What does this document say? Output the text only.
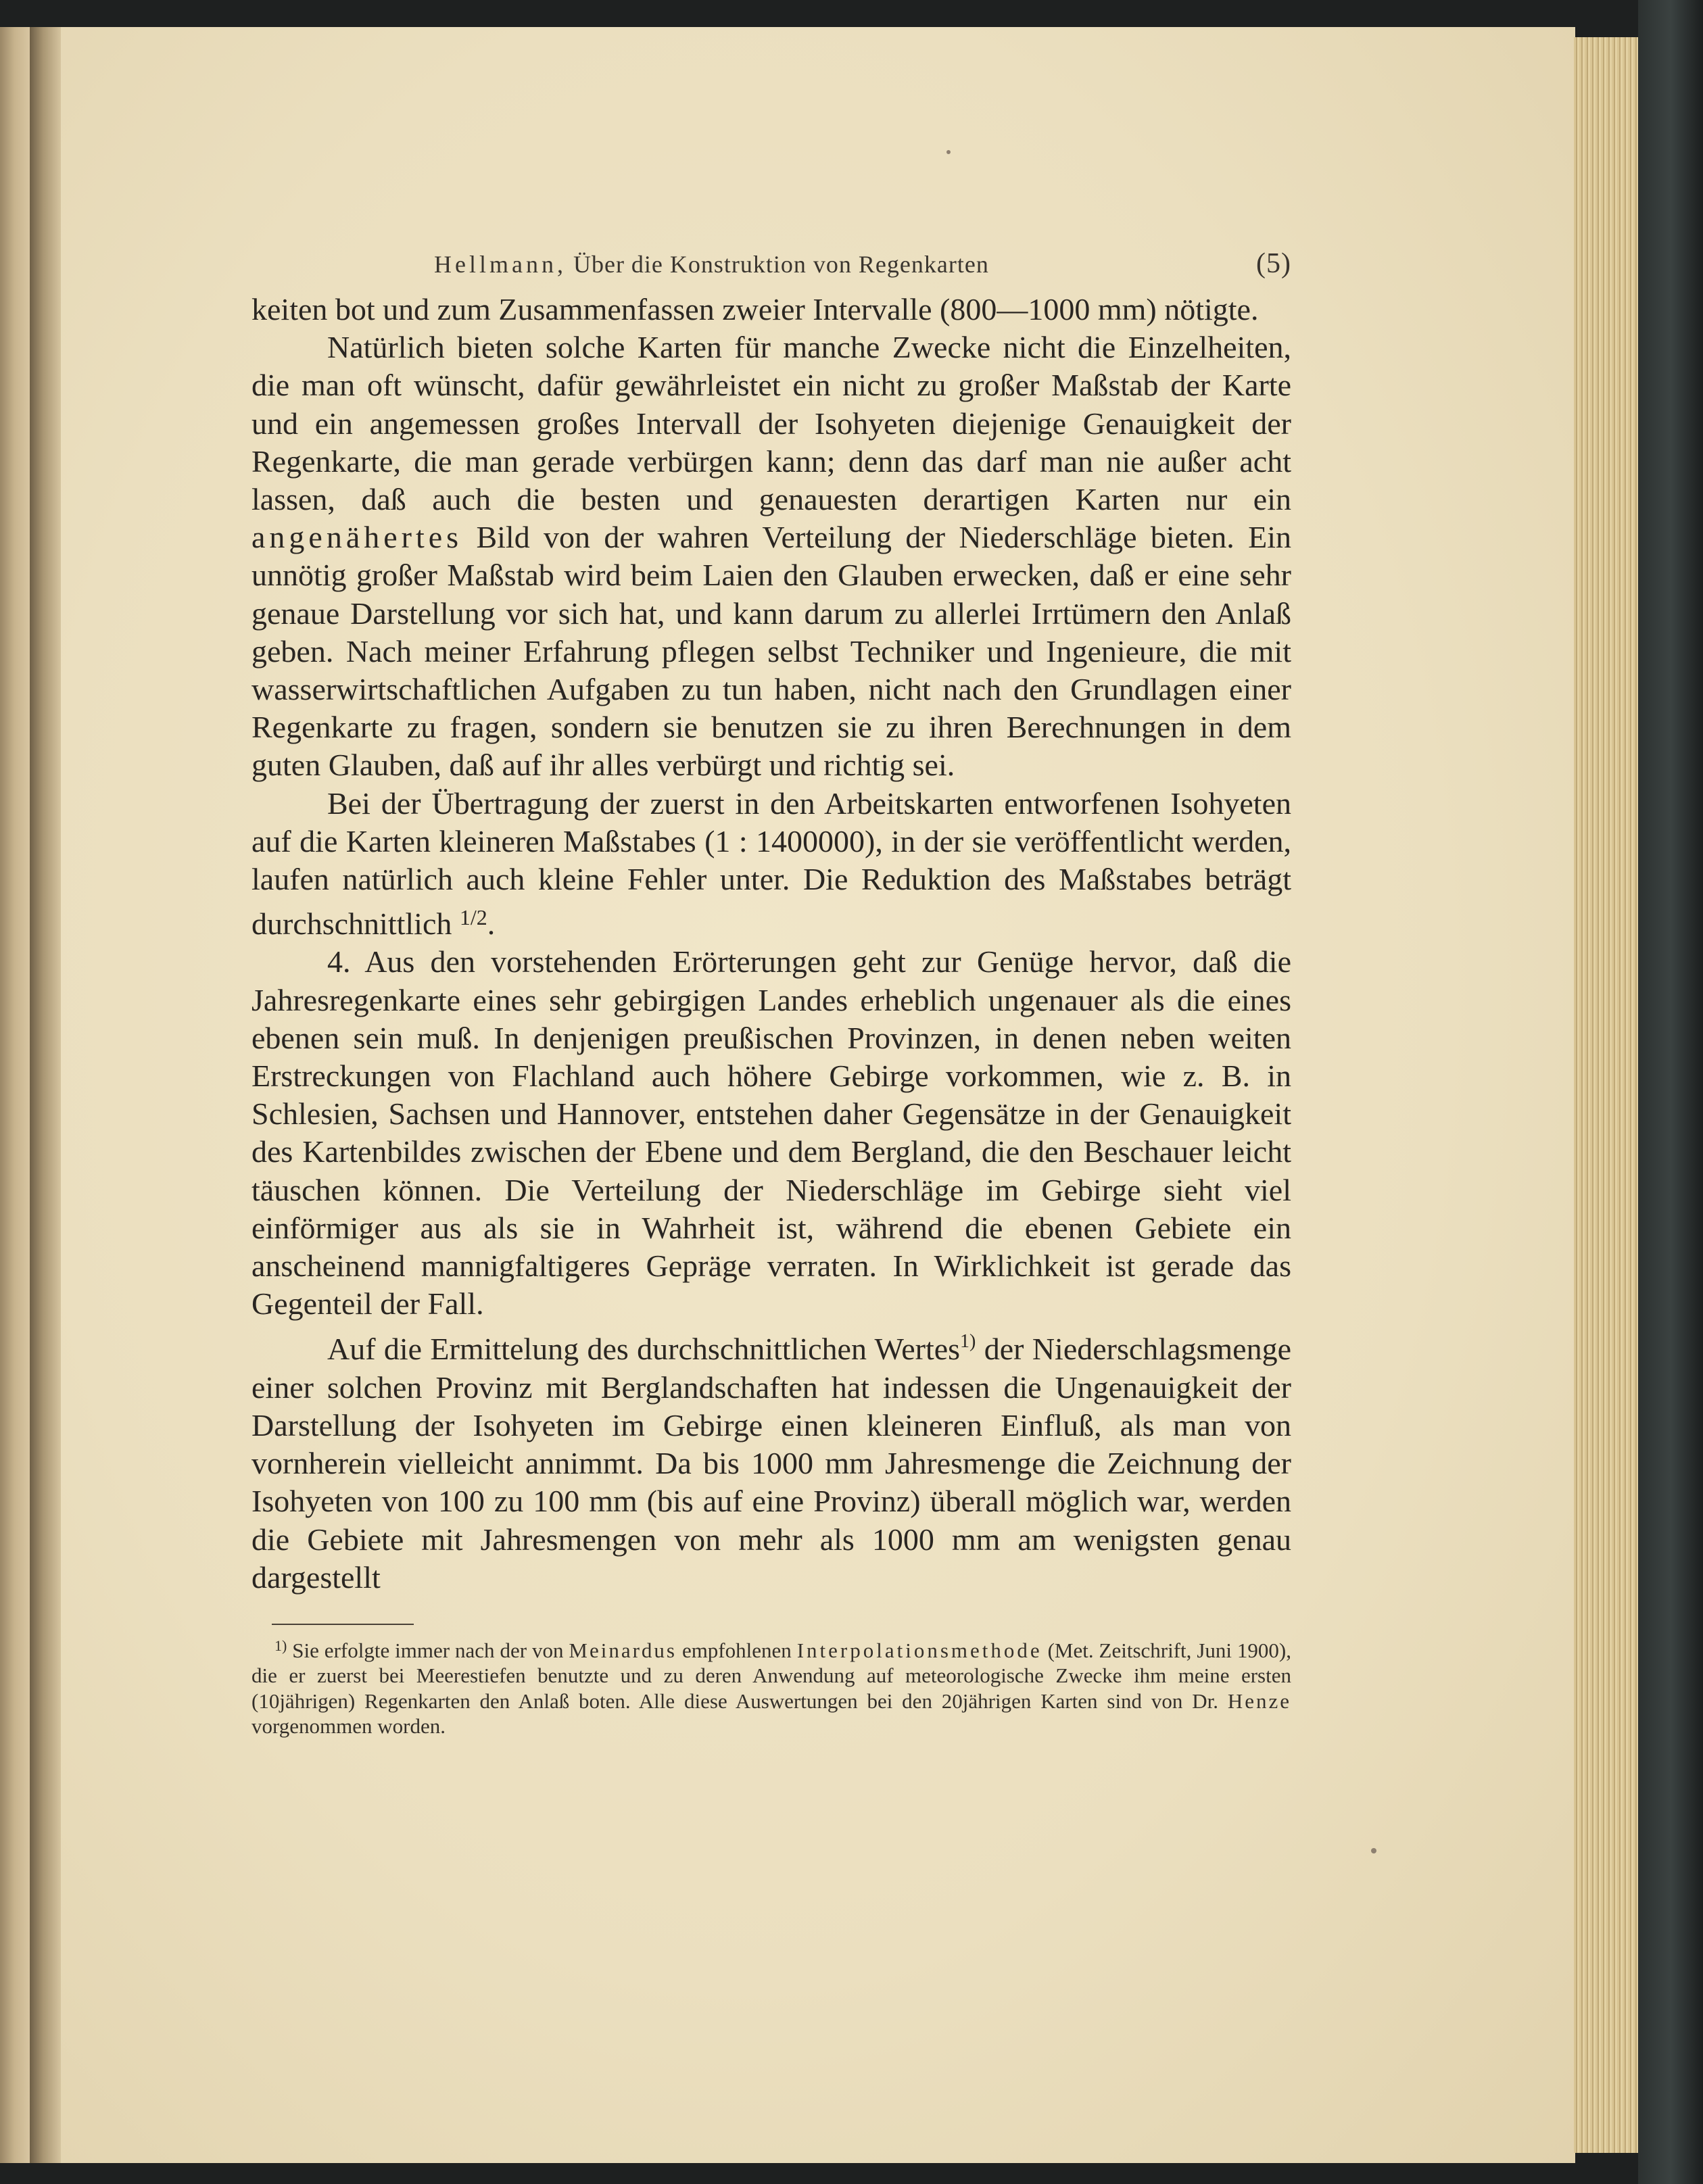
Hellmann, Über die Konstruktion von Regenkarten	(5)

keiten bot und zum Zusammenfassen zweier Intervalle (800—1000 mm) nötigte.

Natürlich bieten solche Karten für manche Zwecke nicht die Einzelheiten, die man oft wünscht, dafür gewährleistet ein nicht zu großer Maßstab der Karte und ein angemessen großes Intervall der Isohyeten diejenige Genauigkeit der Regenkarte, die man gerade verbürgen kann; denn das darf man nie außer acht lassen, daß auch die besten und genauesten derartigen Karten nur ein angenähertes Bild von der wahren Verteilung der Niederschläge bieten. Ein unnötig großer Maßstab wird beim Laien den Glauben erwecken, daß er eine sehr genaue Darstellung vor sich hat, und kann darum zu allerlei Irrtümern den Anlaß geben. Nach meiner Erfahrung pflegen selbst Techniker und Ingenieure, die mit wasserwirtschaftlichen Aufgaben zu tun haben, nicht nach den Grundlagen einer Regenkarte zu fragen, sondern sie benutzen sie zu ihren Berechnungen in dem guten Glauben, daß auf ihr alles verbürgt und richtig sei.

Bei der Übertragung der zuerst in den Arbeitskarten entworfenen Isohyeten auf die Karten kleineren Maßstabes (1 : 1400000), in der sie veröffentlicht werden, laufen natürlich auch kleine Fehler unter. Die Reduktion des Maßstabes beträgt durchschnittlich $^{1/2}$.

4. Aus den vorstehenden Erörterungen geht zur Genüge hervor, daß die Jahresregenkarte eines sehr gebirgigen Landes erheblich ungenauer als die eines ebenen sein muß. In denjenigen preußischen Provinzen, in denen neben weiten Erstreckungen von Flachland auch höhere Gebirge vorkommen, wie z. B. in Schlesien, Sachsen und Hannover, entstehen daher Gegensätze in der Genauigkeit des Kartenbildes zwischen der Ebene und dem Bergland, die den Beschauer leicht täuschen können. Die Verteilung der Niederschläge im Gebirge sieht viel einförmiger aus als sie in Wahrheit ist, während die ebenen Gebiete ein anscheinend mannigfaltigeres Gepräge verraten. In Wirklichkeit ist gerade das Gegenteil der Fall.

Auf die Ermittelung des durchschnittlichen Wertes$^{1)}$ der Niederschlagsmenge einer solchen Provinz mit Berglandschaften hat indessen die Ungenauigkeit der Darstellung der Isohyeten im Gebirge einen kleineren Einfluß, als man von vornherein vielleicht annimmt. Da bis 1000 mm Jahresmenge die Zeichnung der Isohyeten von 100 zu 100 mm (bis auf eine Provinz) überall möglich war, werden die Gebiete mit Jahresmengen von mehr als 1000 mm am wenigsten genau dargestellt

$^{1)}$ Sie erfolgte immer nach der von Meinardus empfohlenen Interpolationsmethode (Met. Zeitschrift, Juni 1900), die er zuerst bei Meerestiefen benutzte und zu deren Anwendung auf meteorologische Zwecke ihm meine ersten (10jährigen) Regenkarten den Anlaß boten. Alle diese Auswertungen bei den 20jährigen Karten sind von Dr. Henze vorgenommen worden.
